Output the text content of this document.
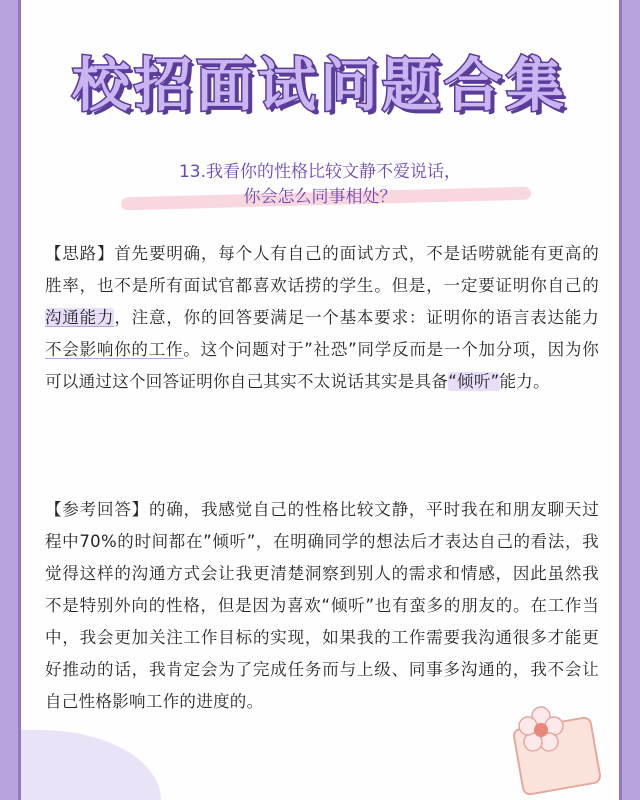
校招面试问题合集
13.我看你的性格比较文静不爱说话，
你会怎么同事相处？
【思路】首先要明确，每个人有自己的面试方式，不是话唠就能有更高的胜率，也不是所有面试官都喜欢话捞的学生。但是，一定要证明你自己的沟通能力，注意，你的回答要满足一个基本要求：证明你的语言表达能力不会影响你的工作。这个问题对于”社恐”同学反而是一个加分项，因为你可以通过这个回答证明你自己其实不太说话其实是具备“倾听”能力。
【参考回答】的确，我感觉自己的性格比较文静，平时我在和朋友聊天过程中70%的时间都在”倾听”，在明确同学的想法后才表达自己的看法，我觉得这样的沟通方式会让我更清楚洞察到别人的需求和情感，因此虽然我不是特别外向的性格，但是因为喜欢“倾听”也有蛮多的朋友的。在工作当中，我会更加关注工作目标的实现，如果我的工作需要我沟通很多才能更好推动的话，我肯定会为了完成任务而与上级、同事多沟通的，我不会让自己性格影响工作的进度的。
